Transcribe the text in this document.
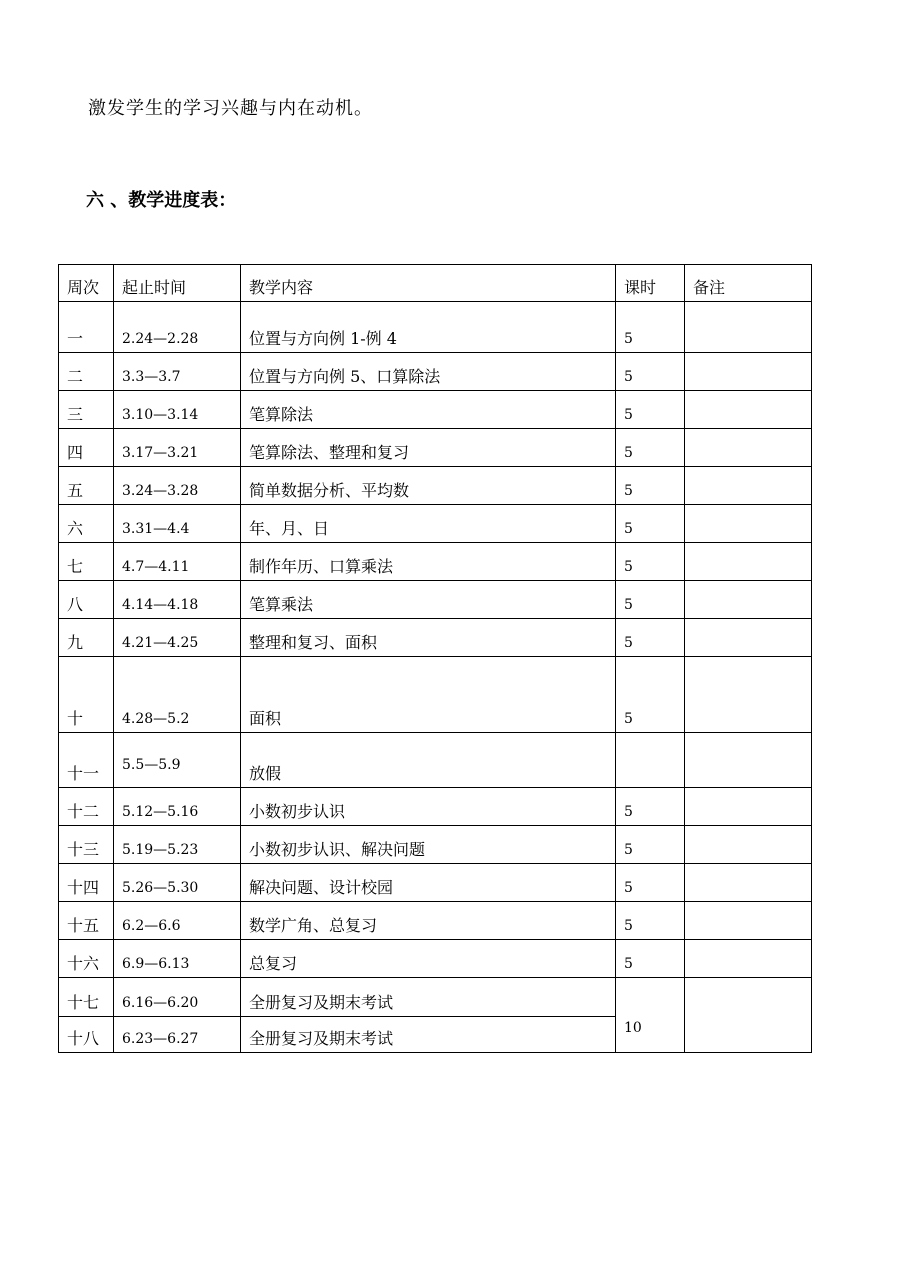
激发学生的学习兴趣与内在动机。

六 、教学进度表：
周次	起止时间	教学内容	课时	备注
一	2.24—2.28	位置与方向例 1-例 4	5	
二	3.3—3.7	位置与方向例 5、口算除法	5	
三	3.10—3.14	笔算除法	5	
四	3.17—3.21	笔算除法、整理和复习	5	
五	3.24—3.28	简单数据分析、平均数	5	
六	3.31—4.4	年、月、日	5	
七	4.7—4.11	制作年历、口算乘法	5	
八	4.14—4.18	笔算乘法	5	
九	4.21—4.25	整理和复习、面积	5	
十	4.28—5.2	面积	5	
十一	5.5—5.9	放假		
十二	5.12—5.16	小数初步认识	5	
十三	5.19—5.23	小数初步认识、解决问题	5	
十四	5.26—5.30	解决问题、设计校园	5	
十五	6.2—6.6	数学广角、总复习	5	
十六	6.9—6.13	总复习	5	
十七	6.16—6.20	全册复习及期末考试	10	
十八	6.23—6.27	全册复习及期末考试		
